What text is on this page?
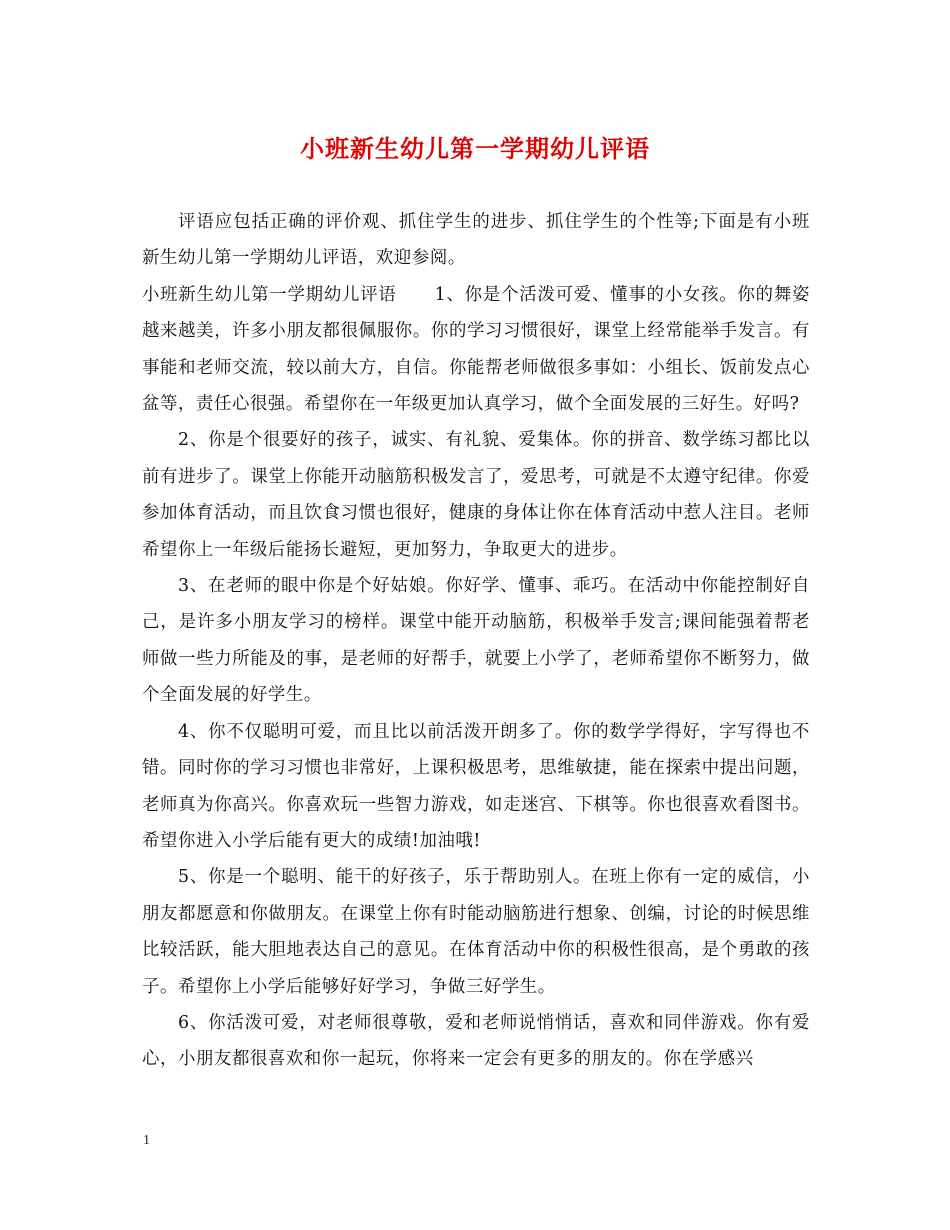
小班新生幼儿第一学期幼儿评语

评语应包括正确的评价观、抓住学生的进步、抓住学生的个性等;下面是有小班新生幼儿第一学期幼儿评语，欢迎参阅。

小班新生幼儿第一学期幼儿评语 1、你是个活泼可爱、懂事的小女孩。你的舞姿越来越美，许多小朋友都很佩服你。你的学习习惯很好，课堂上经常能举手发言。有事能和老师交流，较以前大方，自信。你能帮老师做很多事如：小组长、饭前发点心盆等，责任心很强。希望你在一年级更加认真学习，做个全面发展的三好生。好吗?

2、你是个很要好的孩子，诚实、有礼貌、爱集体。你的拼音、数学练习都比以前有进步了。课堂上你能开动脑筋积极发言了，爱思考，可就是不太遵守纪律。你爱参加体育活动，而且饮食习惯也很好，健康的身体让你在体育活动中惹人注目。老师希望你上一年级后能扬长避短，更加努力，争取更大的进步。

3、在老师的眼中你是个好姑娘。你好学、懂事、乖巧。在活动中你能控制好自己，是许多小朋友学习的榜样。课堂中能开动脑筋，积极举手发言;课间能强着帮老师做一些力所能及的事，是老师的好帮手，就要上小学了，老师希望你不断努力，做个全面发展的好学生。

4、你不仅聪明可爱，而且比以前活泼开朗多了。你的数学学得好，字写得也不错。同时你的学习习惯也非常好，上课积极思考，思维敏捷，能在探索中提出问题，老师真为你高兴。你喜欢玩一些智力游戏，如走迷宫、下棋等。你也很喜欢看图书。希望你进入小学后能有更大的成绩!加油哦!

5、你是一个聪明、能干的好孩子，乐于帮助别人。在班上你有一定的威信，小朋友都愿意和你做朋友。在课堂上你有时能动脑筋进行想象、创编，讨论的时候思维比较活跃，能大胆地表达自己的意见。在体育活动中你的积极性很高，是个勇敢的孩子。希望你上小学后能够好好学习，争做三好学生。

6、你活泼可爱，对老师很尊敬，爱和老师说悄悄话，喜欢和同伴游戏。你有爱心，小朋友都很喜欢和你一起玩，你将来一定会有更多的朋友的。你在学感兴

1
